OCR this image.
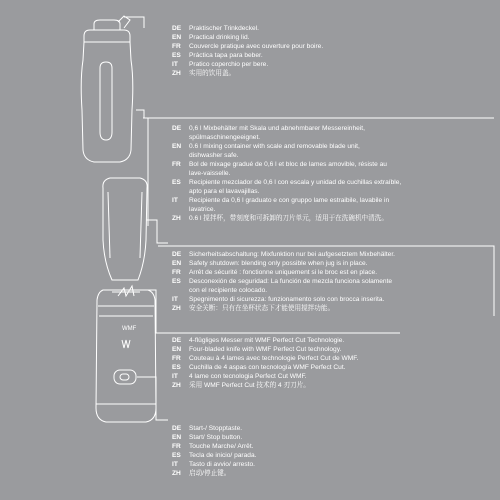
WMF
DE	Praktischer Trinkdeckel.
EN	Practical drinking lid.
FR	Couvercle pratique avec ouverture pour boire.
ES	Práctica tapa para beber.
IT	Pratico coperchio per bere.
ZH	实用的饮用盖。
DE	0,6 l Mixbehälter mit Skala und abnehmbarer Messereinheit,
spülmaschinengeeignet.
EN	0.6 l mixing container with scale and removable blade unit,
dishwasher safe.
FR	Bol de mixage gradué de 0,6 l et bloc de lames amovible, résiste au
lave-vaisselle.
ES	Recipiente mezclador de 0,6 l con escala y unidad de cuchillas extraíble,
apto para el lavavajillas.
IT	Recipiente da 0,6 l graduato e con gruppo lame estraibile, lavabile in
lavatrice.
ZH	0.6 l 搅拌杯，带刻度和可拆卸的刀片单元，适用于在洗碗机中清洗。
DE	Sicherheitsabschaltung: Mixfunktion nur bei aufgesetztem Mixbehälter.
EN	Safety shutdown: blending only possible when jug is in place.
FR	Arrêt de sécurité : fonctionne uniquement si le broc est en place.
ES	Desconexión de seguridad: La función de mezcla funciona solamente
con el recipiente colocado.
IT	Spegnimento di sicurezza: funzionamento solo con brocca inserita.
ZH	安全关断：只有在坐杯状态下才能使用搅拌功能。
DE	4-flügliges Messer mit WMF Perfect Cut Technologie.
EN	Four-bladed knife with WMF Perfect Cut technology.
FR	Couteau à 4 lames avec technologie Perfect Cut de WMF.
ES	Cuchilla de 4 aspas con tecnología WMF Perfect Cut.
IT	4 lame con tecnologia Perfect Cut WMF.
ZH	采用 WMF Perfect Cut 技术的 4 刃刀片。
DE	Start-/ Stopptaste.
EN	Start/ Stop button.
FR	Touche Marche/ Arrêt.
ES	Tecla de inicio/ parada.
IT	Tasto di avvio/ arresto.
ZH	启动/停止键。
